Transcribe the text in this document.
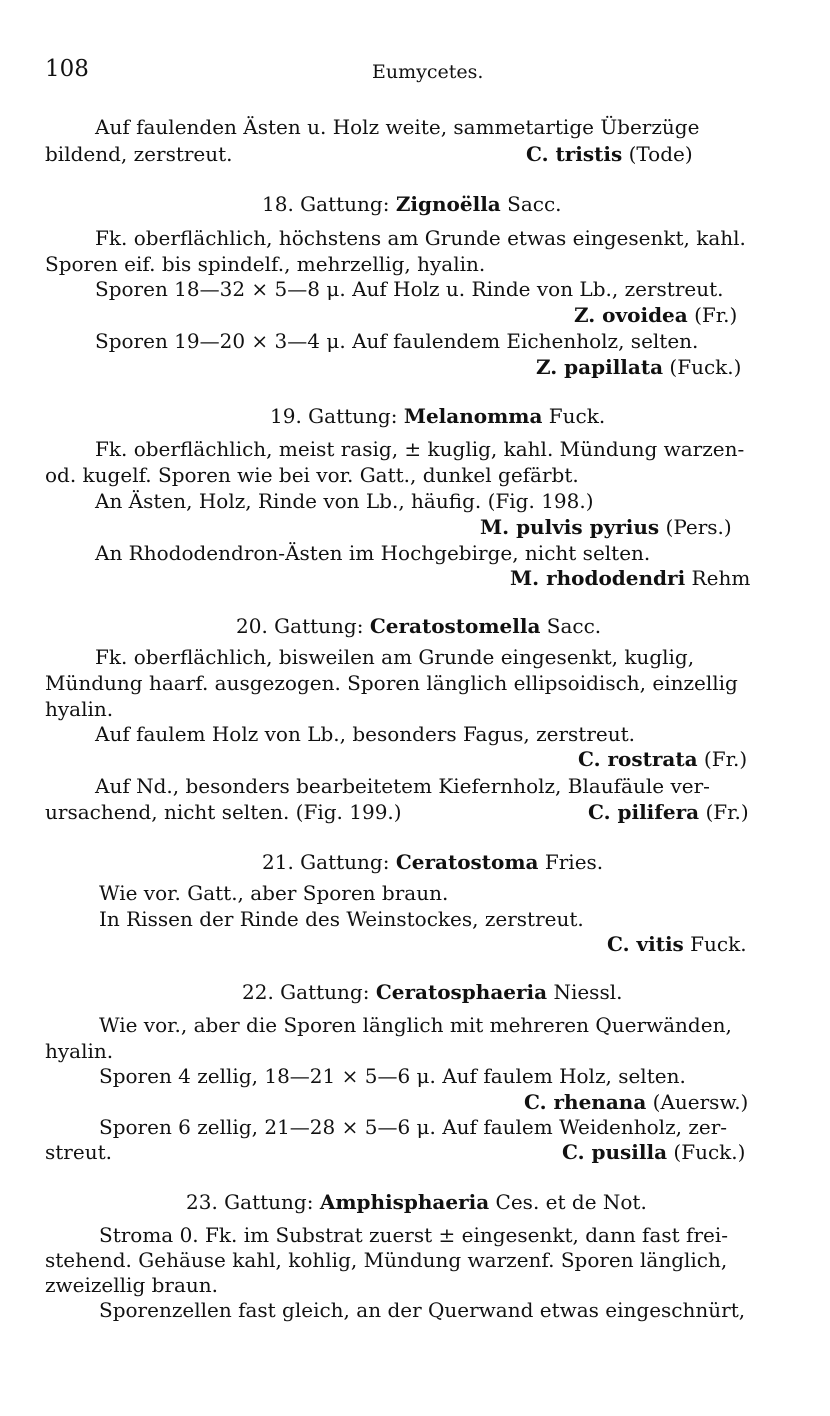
108	Eumycetes.
Auf faulenden Ästen u. Holz weite, sammetartige Überzüge
bildend, zerstreut.	C. tristis (Tode)
18. Gattung: Zignoëlla Sacc.
Fk. oberflächlich, höchstens am Grunde etwas eingesenkt, kahl.
Sporen eif. bis spindelf., mehrzellig, hyalin.
Sporen 18—32 × 5—8 μ. Auf Holz u. Rinde von Lb., zerstreut.
Z. ovoidea (Fr.)
Sporen 19—20 × 3—4 μ. Auf faulendem Eichenholz, selten.
Z. papillata (Fuck.)
19. Gattung: Melanomma Fuck.
Fk. oberflächlich, meist rasig, ± kuglig, kahl. Mündung warzen-
od. kugelf. Sporen wie bei vor. Gatt., dunkel gefärbt.
An Ästen, Holz, Rinde von Lb., häufig. (Fig. 198.)
M. pulvis pyrius (Pers.)
An Rhododendron-Ästen im Hochgebirge, nicht selten.
M. rhododendri Rehm
20. Gattung: Ceratostomella Sacc.
Fk. oberflächlich, bisweilen am Grunde eingesenkt, kuglig,
Mündung haarf. ausgezogen. Sporen länglich ellipsoidisch, einzellig
hyalin.
Auf faulem Holz von Lb., besonders Fagus, zerstreut.
C. rostrata (Fr.)
Auf Nd., besonders bearbeitetem Kiefernholz, Blaufäule ver-
ursachend, nicht selten. (Fig. 199.)	C. pilifera (Fr.)
21. Gattung: Ceratostoma Fries.
Wie vor. Gatt., aber Sporen braun.
In Rissen der Rinde des Weinstockes, zerstreut.
C. vitis Fuck.
22. Gattung: Ceratosphaeria Niessl.
Wie vor., aber die Sporen länglich mit mehreren Querwänden,
hyalin.
Sporen 4 zellig, 18—21 × 5—6 μ. Auf faulem Holz, selten.
C. rhenana (Auersw.)
Sporen 6 zellig, 21—28 × 5—6 μ. Auf faulem Weidenholz, zer-
streut.	C. pusilla (Fuck.)
23. Gattung: Amphisphaeria Ces. et de Not.
Stroma 0. Fk. im Substrat zuerst ± eingesenkt, dann fast frei-
stehend. Gehäuse kahl, kohlig, Mündung warzenf. Sporen länglich,
zweizellig braun.
Sporenzellen fast gleich, an der Querwand etwas eingeschnürt,
